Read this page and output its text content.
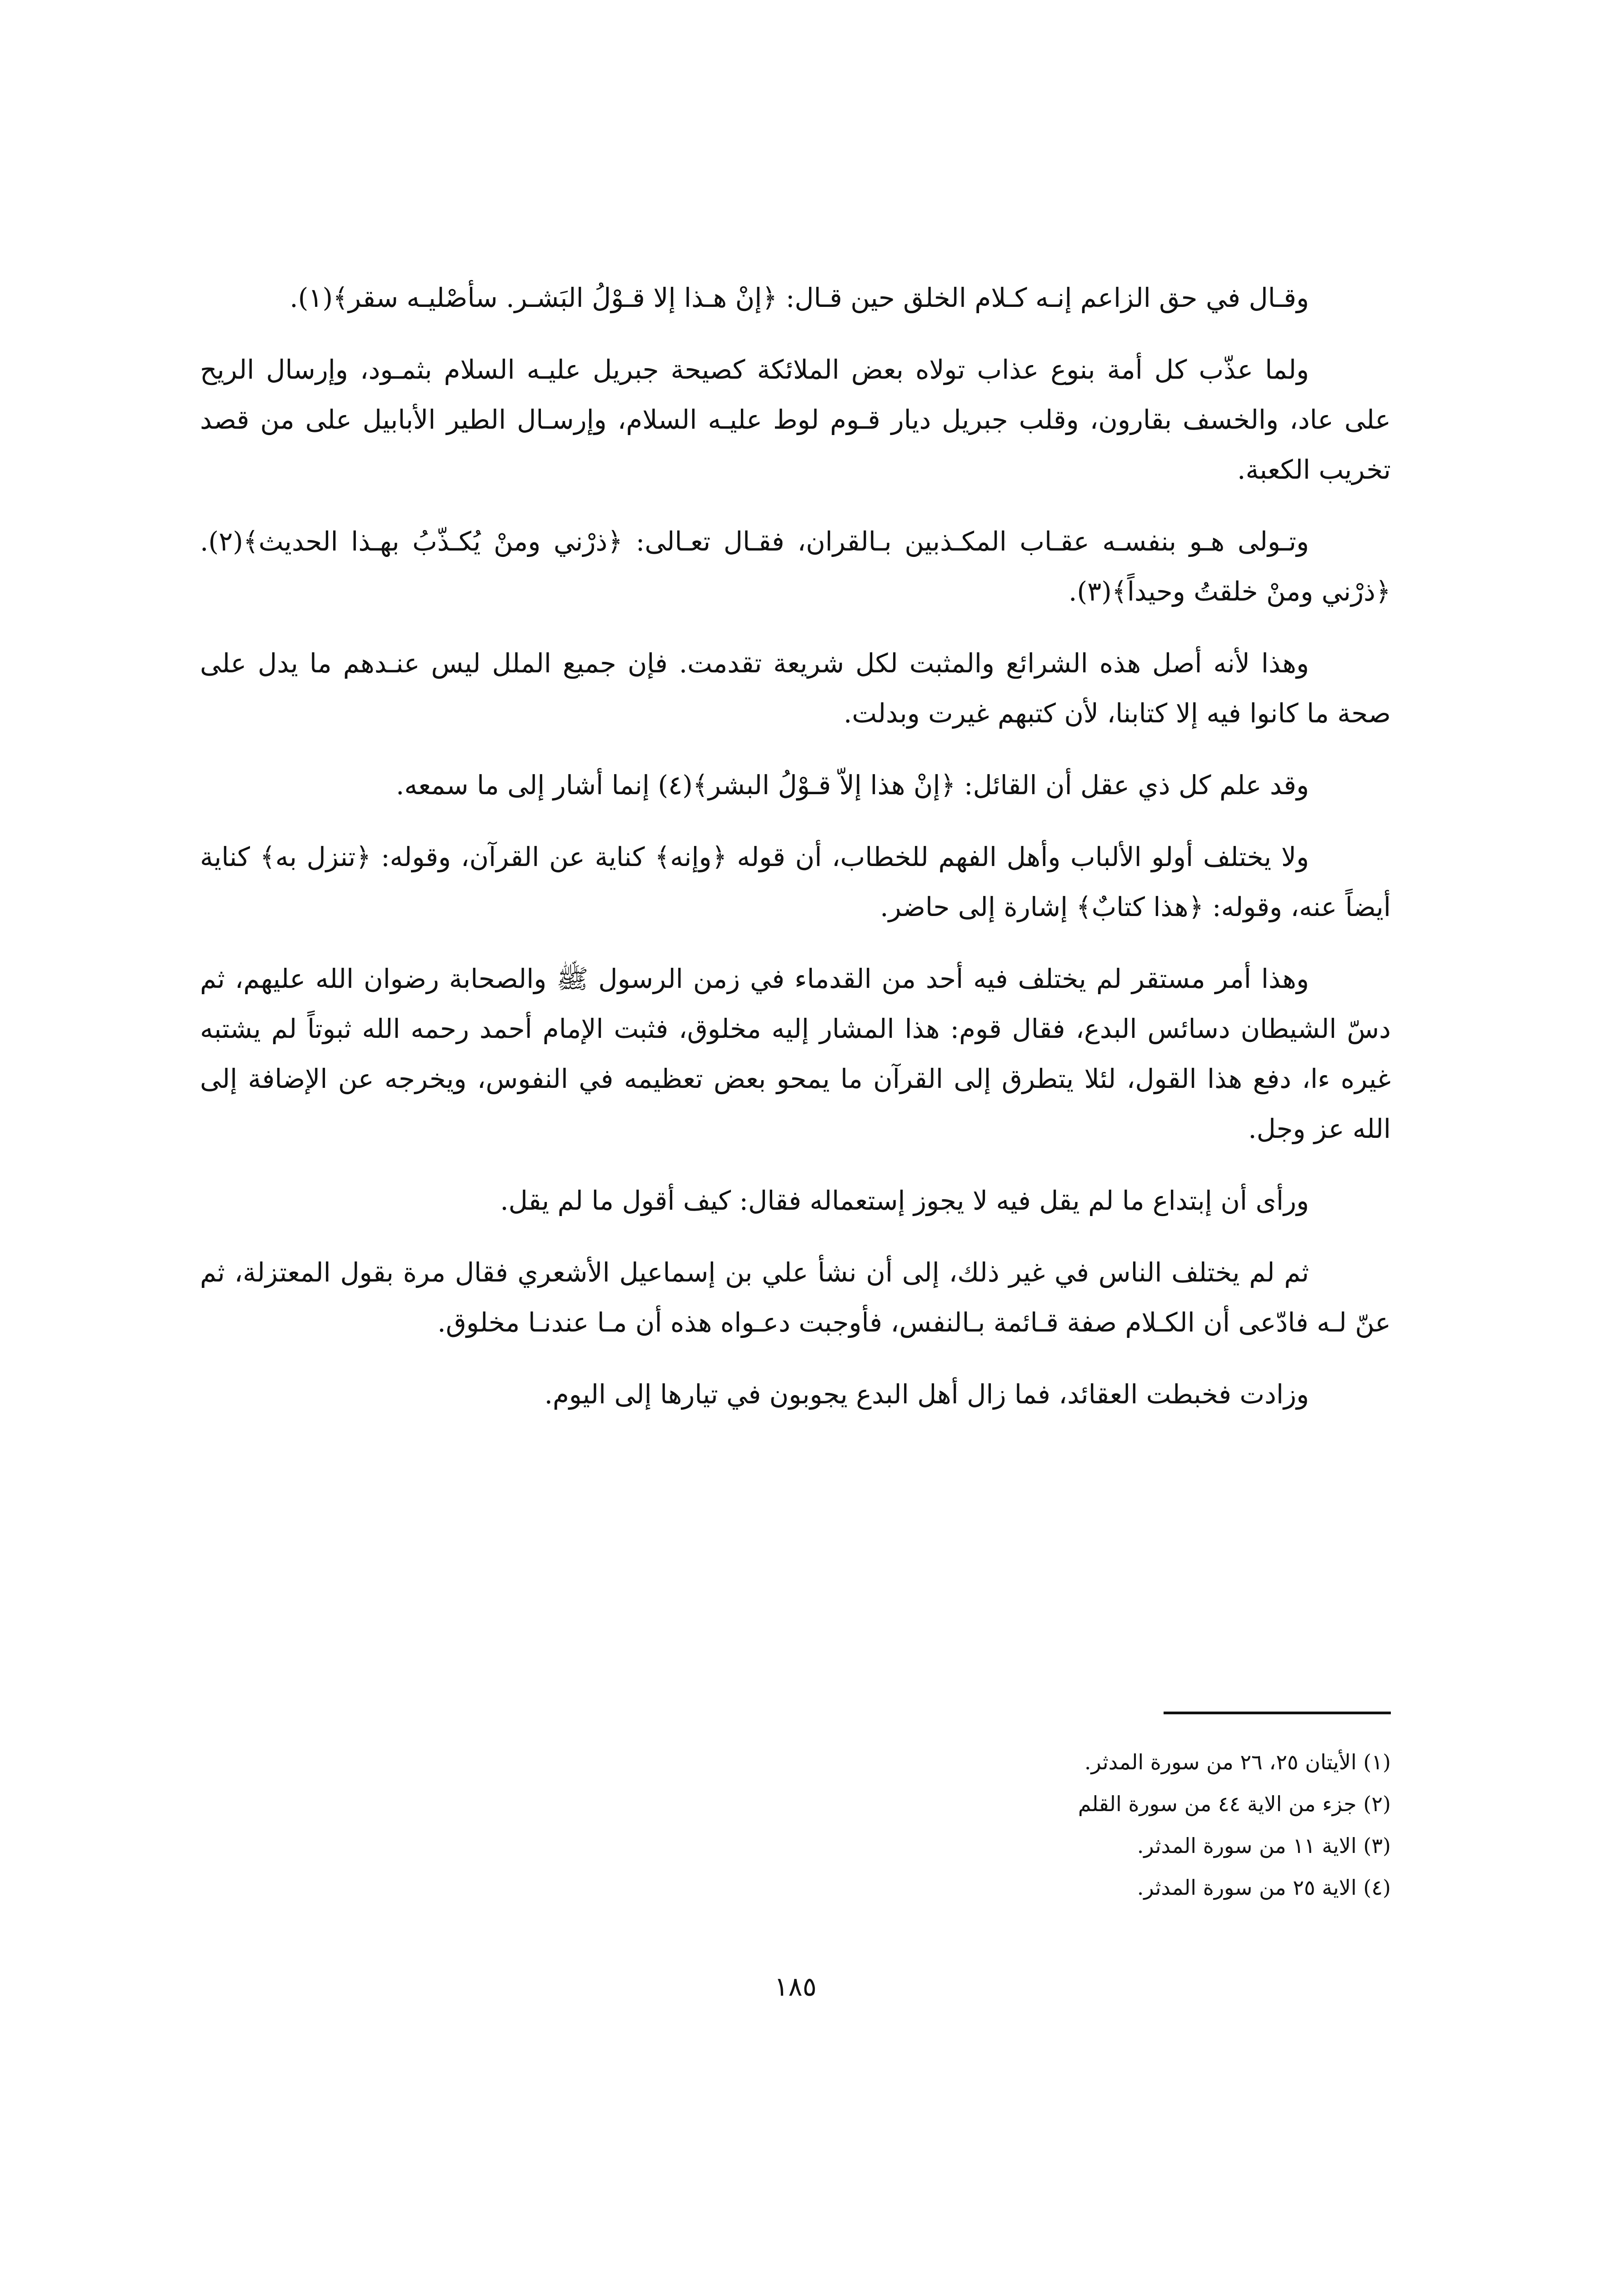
وقـال في حق الزاعم إنـه كـلام الخلق حين قـال: ﴿إنْ هـذا إلا قـوْلُ البَشـر. سأصْليـه سقر﴾(١).

ولما عذّب كل أمة بنوع عذاب تولاه بعض الملائكة كصيحة جبريل عليـه السلام بثمـود، وإرسال الريح على عاد، والخسف بقارون، وقلب جبريل ديار قـوم لوط عليـه السلام، وإرسـال الطير الأبابيل على من قصد تخريب الكعبة.

وتـولى هـو بنفسـه عقـاب المكـذبين بـالقران، فقـال تعـالى: ﴿ذرْني ومنْ يُكـذّبُ بهـذا الحديث﴾(٢). ﴿ذرْني ومنْ خلقتُ وحيداً﴾(٣).

وهذا لأنه أصل هذه الشرائع والمثبت لكل شريعة تقدمت. فإن جميع الملل ليس عنـدهم ما يدل على صحة ما كانوا فيه إلا كتابنا، لأن كتبهم غيرت وبدلت.

وقد علم كل ذي عقل أن القائل: ﴿إنْ هذا إلاّ قـوْلُ البشر﴾(٤) إنما أشار إلى ما سمعه.

ولا يختلف أولو الألباب وأهل الفهم للخطاب، أن قوله ﴿وإنه﴾ كناية عن القرآن، وقوله: ﴿تنزل به﴾ كناية أيضاً عنه، وقوله: ﴿هذا كتابٌ﴾ إشارة إلى حاضر.

وهذا أمر مستقر لم يختلف فيه أحد من القدماء في زمن الرسول ﷺ والصحابة رضوان الله عليهم، ثم دسّ الشيطان دسائس البدع، فقال قوم: هذا المشار إليه مخلوق، فثبت الإمام أحمد رحمه الله ثبوتاً لم يشتبه غيره ءا، دفع هذا القول، لئلا يتطرق إلى القرآن ما يمحو بعض تعظيمه في النفوس، ويخرجه عن الإضافة إلى الله عز وجل.

ورأى أن إبتداع ما لم يقل فيه لا يجوز إستعماله فقال: كيف أقول ما لم يقل.

ثم لم يختلف الناس في غير ذلك، إلى أن نشأ علي بن إسماعيل الأشعري فقال مرة بقول المعتزلة، ثم عنّ لـه فادّعى أن الكـلام صفة قـائمة بـالنفس، فأوجبت دعـواه هذه أن مـا عندنـا مخلوق.

وزادت فخبطت العقائد، فما زال أهل البدع يجوبون في تيارها إلى اليوم.

(١) الأيتان ٢٥، ٢٦ من سورة المدثر.
(٢) جزء من الاية ٤٤ من سورة القلم
(٣) الاية ١١ من سورة المدثر.
(٤) الاية ٢٥ من سورة المدثر.
١٨٥
